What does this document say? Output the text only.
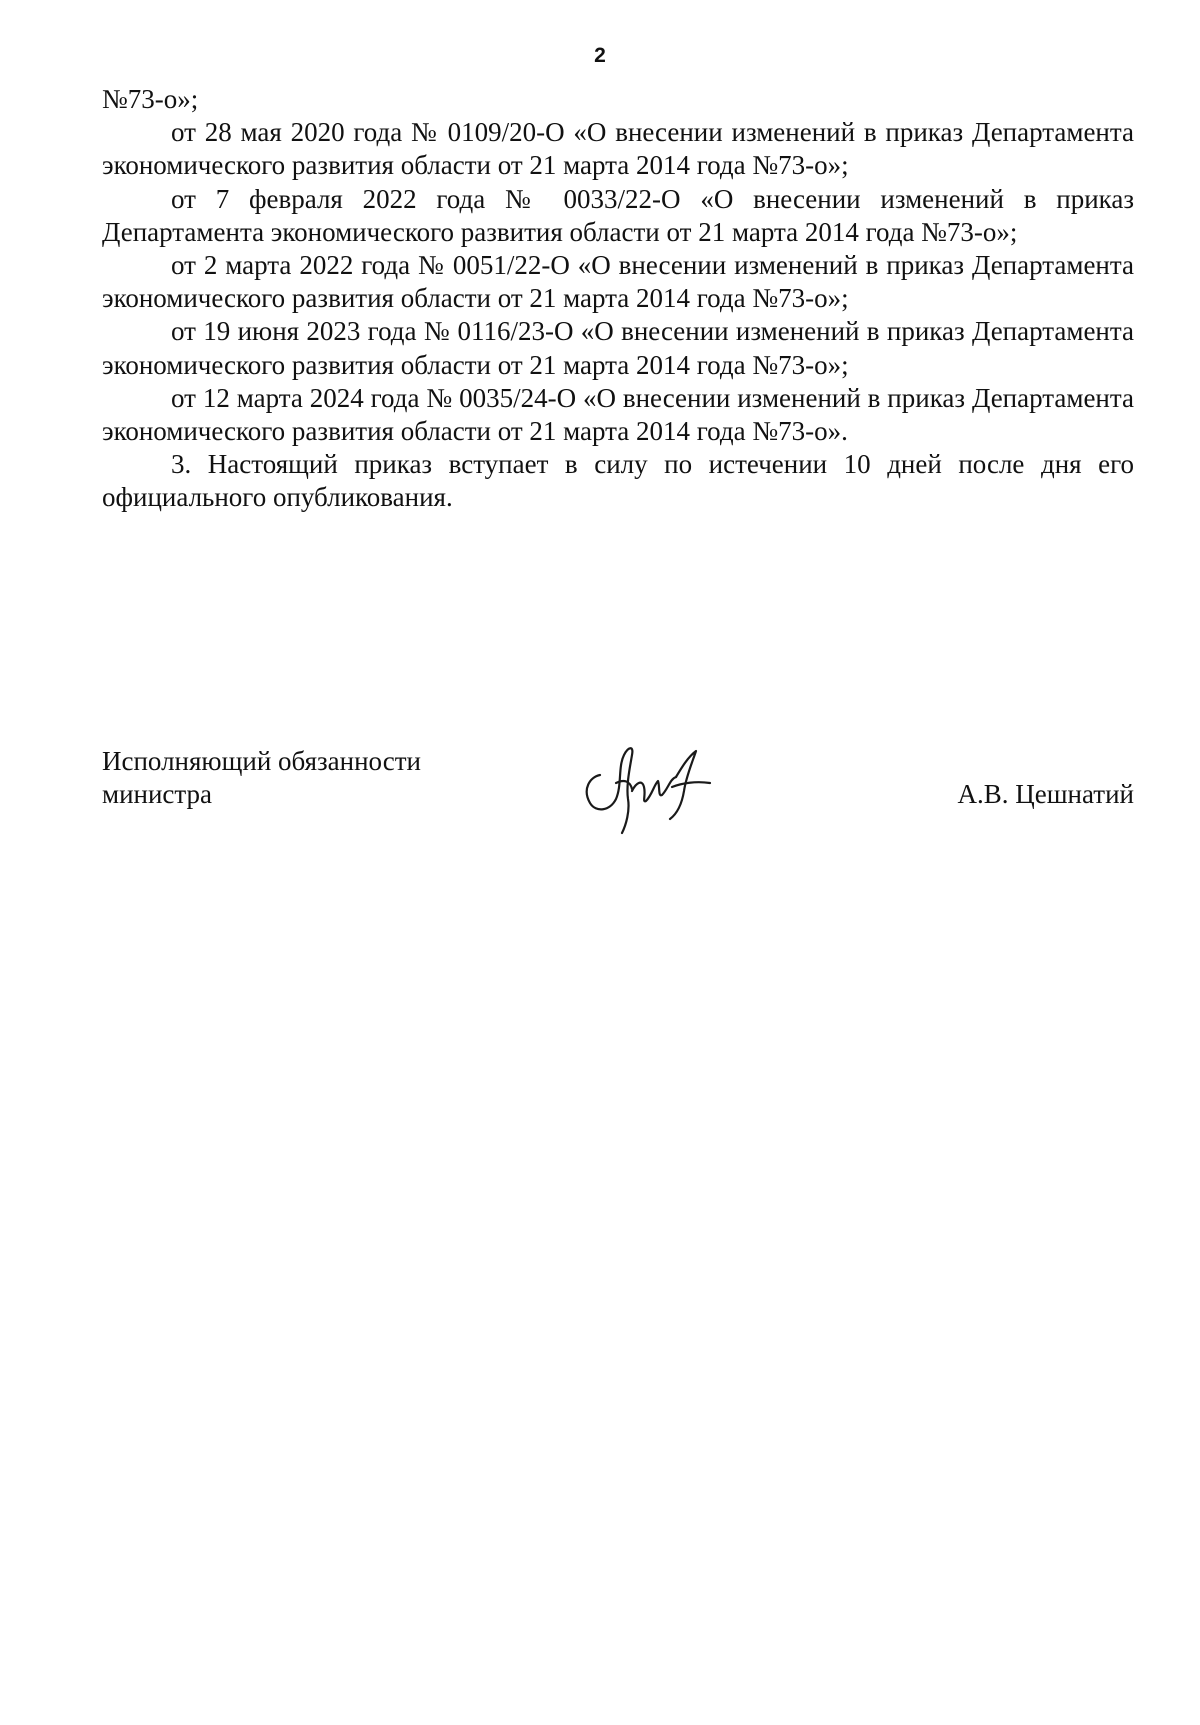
2

№73-о»;

от 28 мая 2020 года № 0109/20-О «О внесении изменений в приказ Департамента экономического развития области от 21 марта 2014 года №73-о»;

от 7 февраля 2022 года № 0033/22-О «О внесении изменений в приказ Департамента экономического развития области от 21 марта 2014 года №73-о»;

от 2 марта 2022 года № 0051/22-О «О внесении изменений в приказ Департамента экономического развития области от 21 марта 2014 года №73-о»;

от 19 июня 2023 года № 0116/23-О «О внесении изменений в приказ Департамента экономического развития области от 21 марта 2014 года №73-о»;

от 12 марта 2024 года № 0035/24-О «О внесении изменений в приказ Департамента экономического развития области от 21 марта 2014 года №73-о».

3. Настоящий приказ вступает в силу по истечении 10 дней после дня его официального опубликования.

Исполняющий обязанности
министра	А.В. Цешнатий
